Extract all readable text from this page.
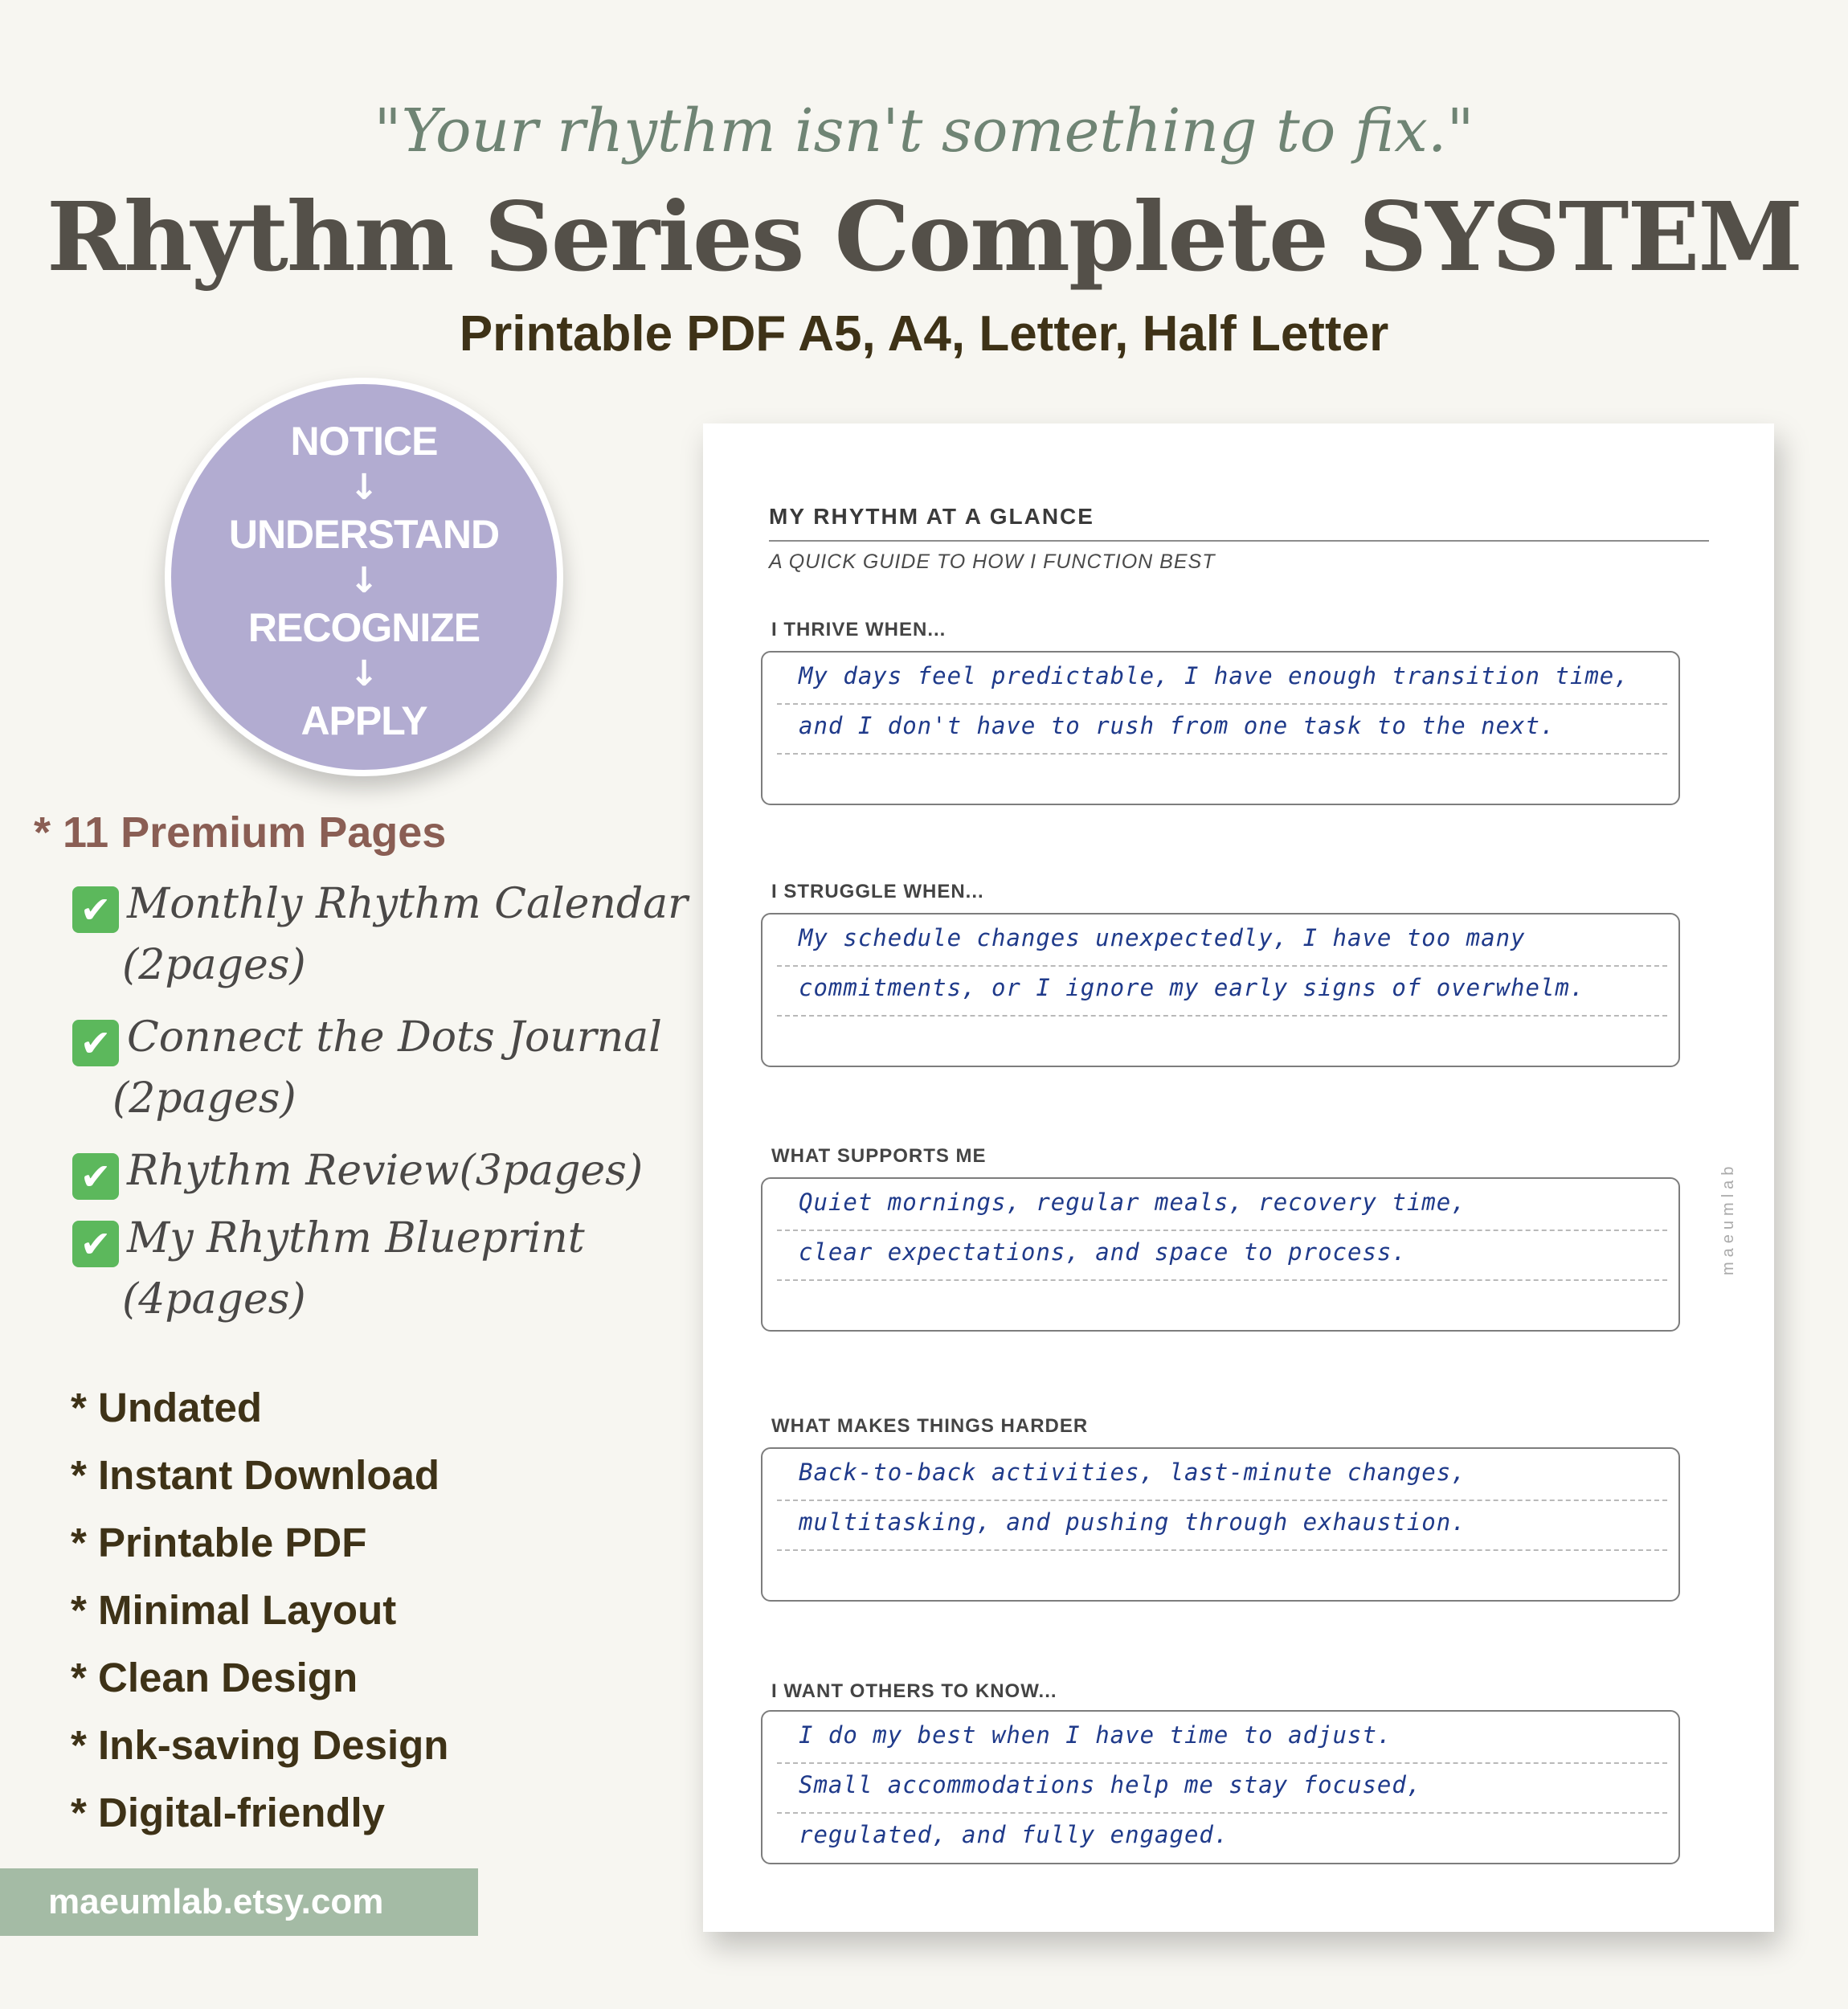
"Your rhythm isn't something to fix."
Rhythm Series Complete SYSTEM
Printable PDF A5, A4, Letter, Half Letter
NOTICE
↓
UNDERSTAND
↓
RECOGNIZE
↓
APPLY
* 11 Premium Pages
✔ Monthly Rhythm Calendar
(2pages)
✔ Connect the Dots Journal
(2pages)
✔ Rhythm Review(3pages)
✔ My Rhythm Blueprint
(4pages)
* Undated
* Instant Download
* Printable PDF
* Minimal Layout
* Clean Design
* Ink-saving Design
* Digital-friendly
maeumlab.etsy.com
MY RHYTHM AT A GLANCE
A QUICK GUIDE TO HOW I FUNCTION BEST
I THRIVE WHEN...
My days feel predictable, I have enough transition time,
and I don't have to rush from one task to the next.
I STRUGGLE WHEN...
My schedule changes unexpectedly, I have too many
commitments, or I ignore my early signs of overwhelm.
WHAT SUPPORTS ME
Quiet mornings, regular meals, recovery time,
clear expectations, and space to process.
WHAT MAKES THINGS HARDER
Back-to-back activities, last-minute changes,
multitasking, and pushing through exhaustion.
I WANT OTHERS TO KNOW...
I do my best when I have time to adjust.
Small accommodations help me stay focused,
regulated, and fully engaged.
maeumlab
